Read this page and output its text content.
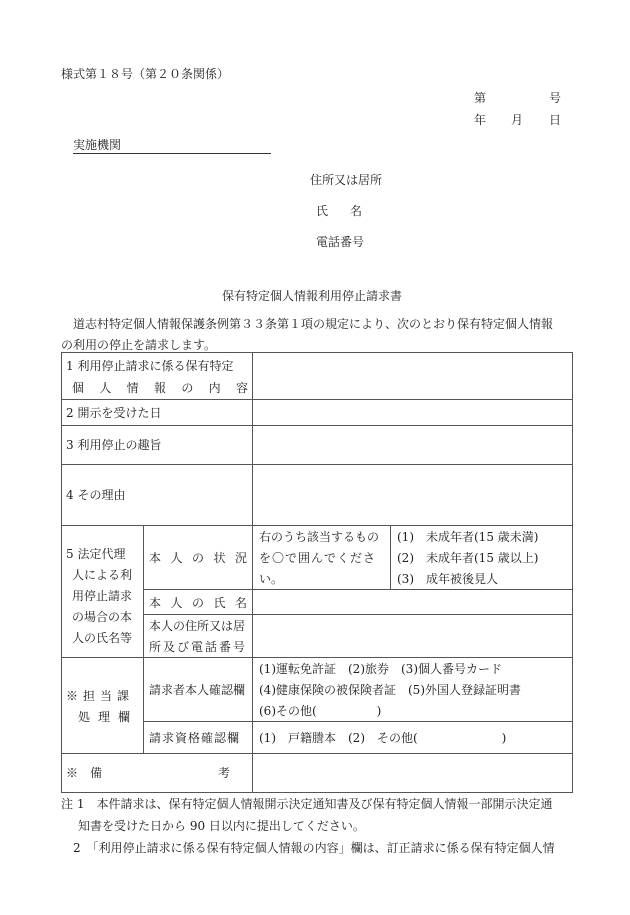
様式第１８号（第２０条関係）
第	号
年 月 日
実施機関
住所又は居所
氏 名
電話番号
保有特定個人情報利用停止請求書
道志村特定個人情報保護条例第３３条第１項の規定により、次のとおり保有特定個人情報
の利用の停止を請求します。
1 利用停止請求に係る保有特定
個 人 情 報 の 内 容
2 開示を受けた日
3 利用停止の趣旨
4 その理由
5 法定代理
人による利
用停止請求
の場合の本
人の氏名等
本 人 の 状 況
右のうち該当するもの
を〇で囲んでくださ
い。
(1)　未成年者(15 歳未満)
(2)　未成年者(15 歳以上)
(3)　成年被後見人
本 人 の 氏 名
本人の住所又は居
所及び電話番号
※担当課
処理欄
請求者本人確認欄
(1)運転免許証　(2)旅券　(3)個人番号カード
(4)健康保険の被保険者証　(5)外国人登録証明書
(6)その他(　　　　　)
請求資格確認欄 (1)　戸籍謄本　(2)　その他(　　　　　　　)
※　備	考
注 1　本件請求は、保有特定個人情報開示決定通知書及び保有特定個人情報一部開示決定通
知書を受けた日から 90 日以内に提出してください。
2　「利用停止請求に係る保有特定個人情報の内容」欄は、訂正請求に係る保有特定個人情
